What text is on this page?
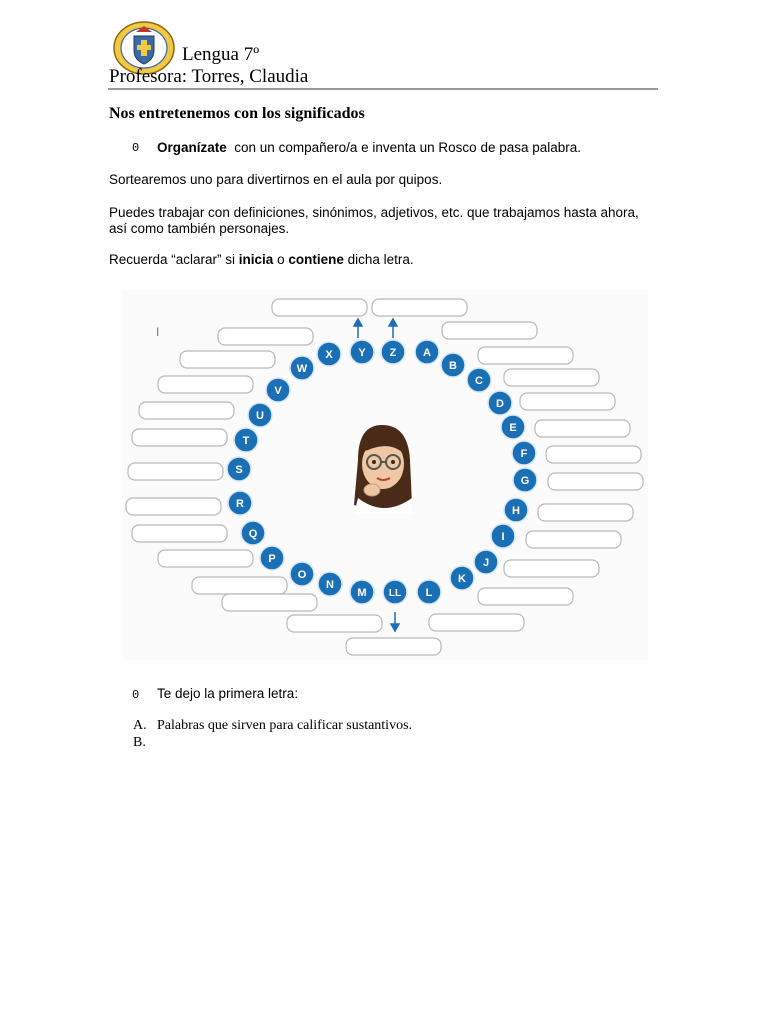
Lengua 7º
Profesora: Torres, Claudia
Nos entretenemos con los significados
0 Organízate  con un compañero/a e inventa un Rosco de pasa palabra.
Sortearemos uno para divertirnos en el aula por quipos.
Puedes trabajar con definiciones, sinónimos, adjetivos, etc. que trabajamos hasta ahora, así como también personajes.
Recuerda “aclarar” si inicia o contiene dicha letra.
I
A
B
C
D
E
F
G
H
I
J
K
L
LL
M
N
O
P
Q
R
S
T
U
V
W
X Y Z
0 Te dejo la primera letra:
A. Palabras que sirven para calificar sustantivos.
B.
